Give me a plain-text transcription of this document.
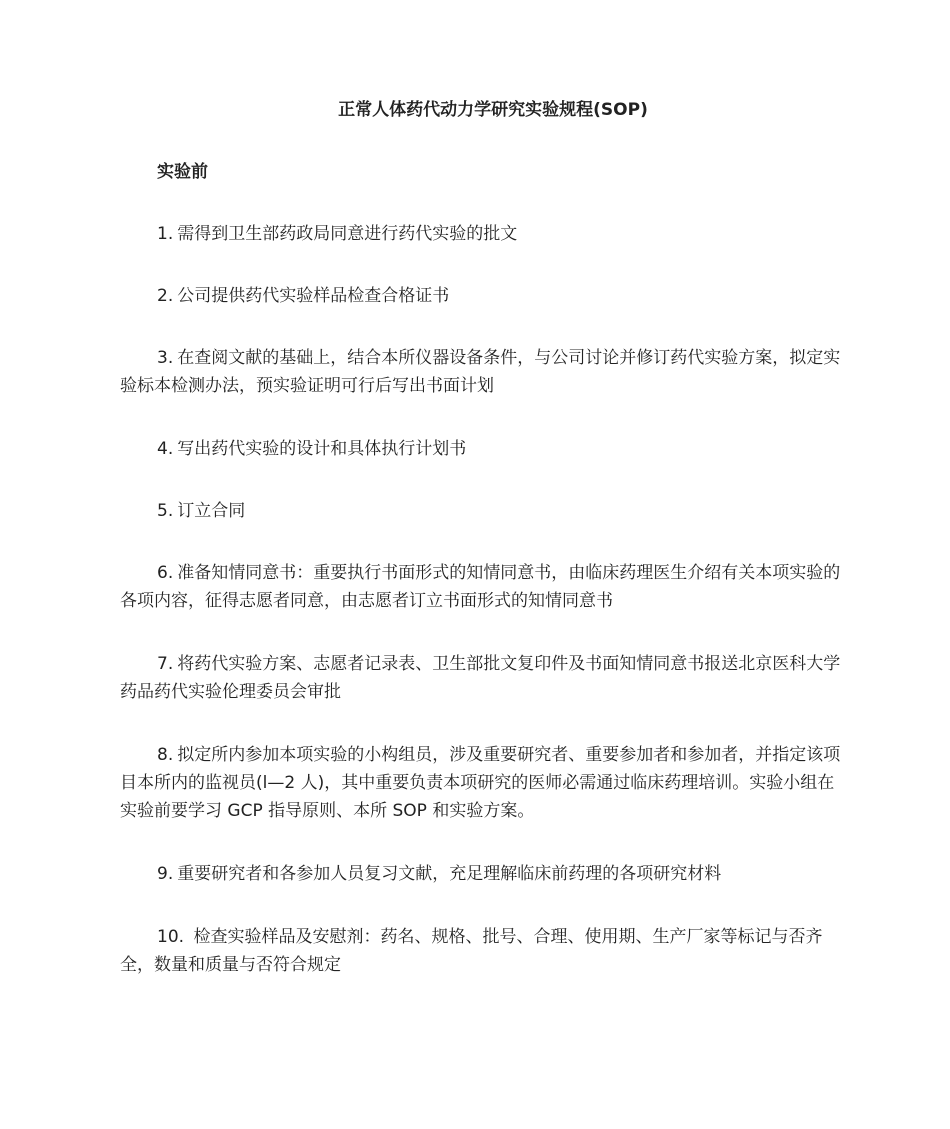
正常人体药代动力学研究实验规程(SOP)
实验前
1. 需得到卫生部药政局同意进行药代实验的批文
2. 公司提供药代实验样品检查合格证书
3. 在查阅文献的基础上，结合本所仪器设备条件，与公司讨论并修订药代实验方案，拟定实验标本检测办法，预实验证明可行后写出书面计划
4. 写出药代实验的设计和具体执行计划书
5. 订立合同
6. 准备知情同意书：重要执行书面形式的知情同意书，由临床药理医生介绍有关本项实验的各项内容，征得志愿者同意，由志愿者订立书面形式的知情同意书
7. 将药代实验方案、志愿者记录表、卫生部批文复印件及书面知情同意书报送北京医科大学药品药代实验伦理委员会审批
8. 拟定所内参加本项实验的小构组员，涉及重要研究者、重要参加者和参加者，并指定该项目本所内的监视员(l—2 人)，其中重要负责本项研究的医师必需通过临床药理培训。实验小组在实验前要学习 GCP 指导原则、本所 SOP 和实验方案。
9. 重要研究者和各参加人员复习文献，充足理解临床前药理的各项研究材料
10. 检查实验样品及安慰剂：药名、规格、批号、合理、使用期、生产厂家等标记与否齐全，数量和质量与否符合规定
